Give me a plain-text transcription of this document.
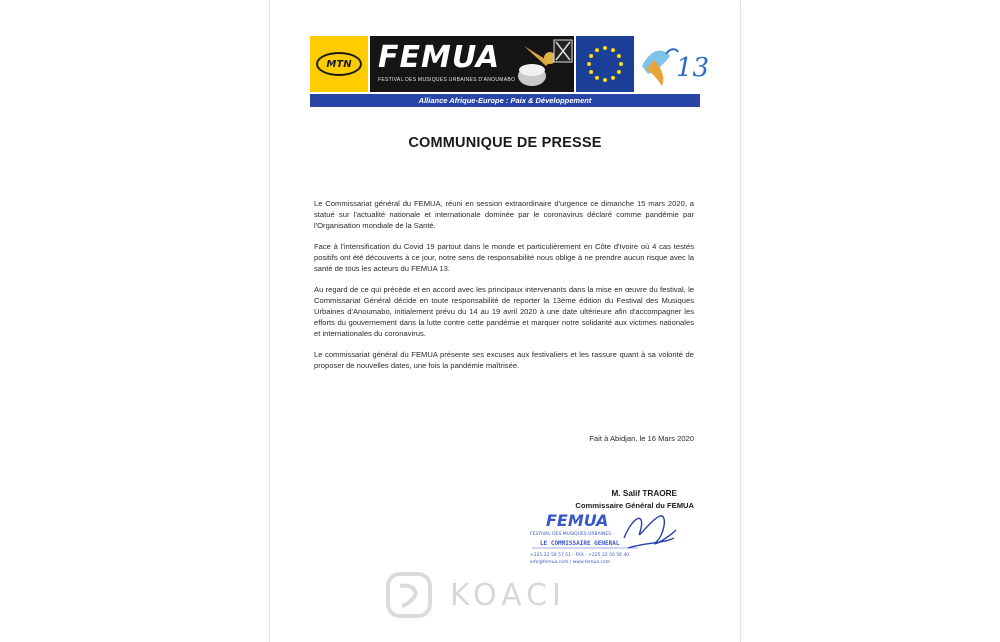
MTN FEMUA
FESTIVAL DES MUSIQUES URBAINES D'ANOUMABO	13
Alliance Afrique-Europe : Paix & Développement
COMMUNIQUE DE PRESSE

Le Commissariat général du FEMUA, réuni en session extraordinaire d'urgence ce dimanche 15 mars 2020, a statué sur l'actualité nationale et internationale dominée par le coronavirus déclaré comme pandémie par l'Organisation mondiale de la Santé.

Face à l'intensification du Covid 19 partout dans le monde et particulièrement en Côte d'Ivoire où 4 cas testés positifs ont été découverts à ce jour, notre sens de responsabilité nous oblige à ne prendre aucun risque avec la santé de tous les acteurs du FEMUA 13.

Au regard de ce qui précède et en accord avec les principaux intervenants dans la mise en œuvre du festival, le Commissariat Général décide en toute responsabilité de reporter la 13ème édition du Festival des Musiques Urbaines d'Anoumabo, initialement prévu du 14 au 19 avril 2020 à une date ultérieure afin d'accompagner les efforts du gouvernement dans la lutte contre cette pandémie et marquer notre solidarité aux victimes nationales et internationales du coronavirus.

Le commissariat général du FEMUA présente ses excuses aux festivaliers et les rassure quant à sa volonté de proposer de nouvelles dates, une fois la pandémie maîtrisée.

Fait à Abidjan, le 16 Mars 2020
M. Salif TRAORE
Commissaire Général du FEMUA
FEMUA
FESTIVAL DES MUSIQUES URBAINES
LE COMMISSAIRE GENERAL
+225 22 50 57 51 - FAX : +225 22 50 56 40
info@femua.com / www.femua.com
KOACI
